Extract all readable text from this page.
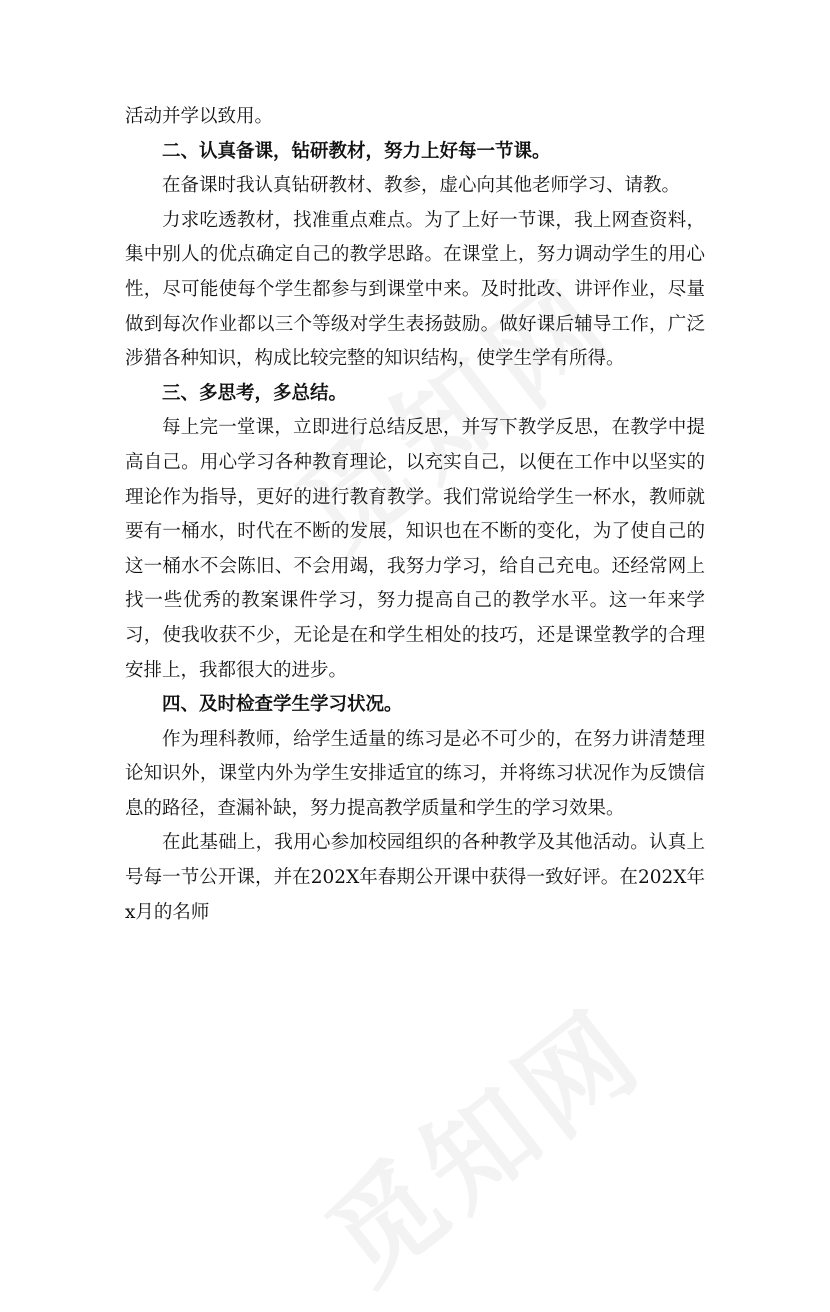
活动并学以致用。

二、认真备课，钻研教材，努力上好每一节课。

在备课时我认真钻研教材、教参，虚心向其他老师学习、请教。

力求吃透教材，找准重点难点。为了上好一节课，我上网查资料，集中别人的优点确定自己的教学思路。在课堂上，努力调动学生的用心性，尽可能使每个学生都参与到课堂中来。及时批改、讲评作业，尽量做到每次作业都以三个等级对学生表扬鼓励。做好课后辅导工作，广泛涉猎各种知识，构成比较完整的知识结构，使学生学有所得。

三、多思考，多总结。

每上完一堂课，立即进行总结反思，并写下教学反思，在教学中提高自己。用心学习各种教育理论，以充实自己，以便在工作中以坚实的理论作为指导，更好的进行教育教学。我们常说给学生一杯水，教师就要有一桶水，时代在不断的发展，知识也在不断的变化，为了使自己的这一桶水不会陈旧、不会用竭，我努力学习，给自己充电。还经常网上找一些优秀的教案课件学习，努力提高自己的教学水平。这一年来学习，使我收获不少，无论是在和学生相处的技巧，还是课堂教学的合理安排上，我都很大的进步。

四、及时检查学生学习状况。

作为理科教师，给学生适量的练习是必不可少的，在努力讲清楚理论知识外，课堂内外为学生安排适宜的练习，并将练习状况作为反馈信息的路径，查漏补缺，努力提高教学质量和学生的学习效果。

在此基础上，我用心参加校园组织的各种教学及其他活动。认真上号每一节公开课，并在202X年春期公开课中获得一致好评。在202X年x月的名师
